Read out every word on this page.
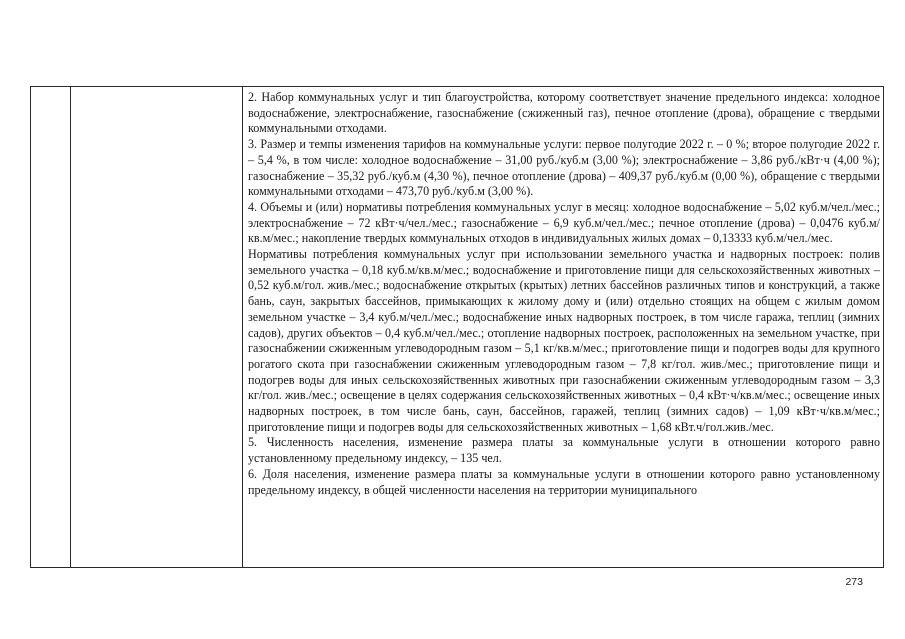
2. Набор коммунальных услуг и тип благоустройства, которому соответствует значение предельного индекса: холодное водоснабжение, электроснабжение, газоснабжение (сжиженный газ), печное отопление (дрова), обращение с твердыми коммунальными отходами.

3. Размер и темпы изменения тарифов на коммунальные услуги: первое полугодие 2022 г. – 0 %; второе полугодие 2022 г. – 5,4 %, в том числе: холодное водоснабжение – 31,00 руб./куб.м (3,00 %); электроснабжение – 3,86 руб./кВт·ч (4,00 %); газоснабжение – 35,32 руб./куб.м (4,30 %), печное отопление (дрова) – 409,37 руб./куб.м (0,00 %), обращение с твердыми коммунальными отходами – 473,70 руб./куб.м (3,00 %).

4. Объемы и (или) нормативы потребления коммунальных услуг в месяц: холодное водоснабжение – 5,02 куб.м/чел./мес.; электроснабжение – 72 кВт·ч/чел./мес.; газоснабжение – 6,9 куб.м/чел./мес.; печное отопление (дрова) – 0,0476 куб.м/кв.м/мес.; накопление твердых коммунальных отходов в индивидуальных жилых домах – 0,13333 куб.м/чел./мес.

Нормативы потребления коммунальных услуг при использовании земельного участка и надворных построек: полив земельного участка – 0,18 куб.м/кв.м/мес.; водоснабжение и приготовление пищи для сельскохозяйственных животных – 0,52 куб.м/гол. жив./мес.; водоснабжение открытых (крытых) летних бассейнов различных типов и конструкций, а также бань, саун, закрытых бассейнов, примыкающих к жилому дому и (или) отдельно стоящих на общем с жилым домом земельном участке – 3,4 куб.м/чел./мес.; водоснабжение иных надворных построек, в том числе гаража, теплиц (зимних садов), других объектов – 0,4 куб.м/чел./мес.; отопление надворных построек, расположенных на земельном участке, при газоснабжении сжиженным углеводородным газом – 5,1 кг/кв.м/мес.; приготовление пищи и подогрев воды для крупного рогатого скота при газоснабжении сжиженным углеводородным газом – 7,8 кг/гол. жив./мес.; приготовление пищи и подогрев воды для иных сельскохозяйственных животных при газоснабжении сжиженным углеводородным газом – 3,3 кг/гол. жив./мес.; освещение в целях содержания сельскохозяйственных животных – 0,4 кВт·ч/кв.м/мес.; освещение иных надворных построек, в том числе бань, саун, бассейнов, гаражей, теплиц (зимних садов) – 1,09 кВт·ч/кв.м/мес.; приготовление пищи и подогрев воды для сельскохозяйственных животных – 1,68 кВт.ч/гол.жив./мес.

5. Численность населения, изменение размера платы за коммунальные услуги в отношении которого равно установленному предельному индексу, – 135 чел.

6. Доля населения, изменение размера платы за коммунальные услуги в отношении которого равно установленному предельному индексу, в общей численности населения на территории муниципального

273
